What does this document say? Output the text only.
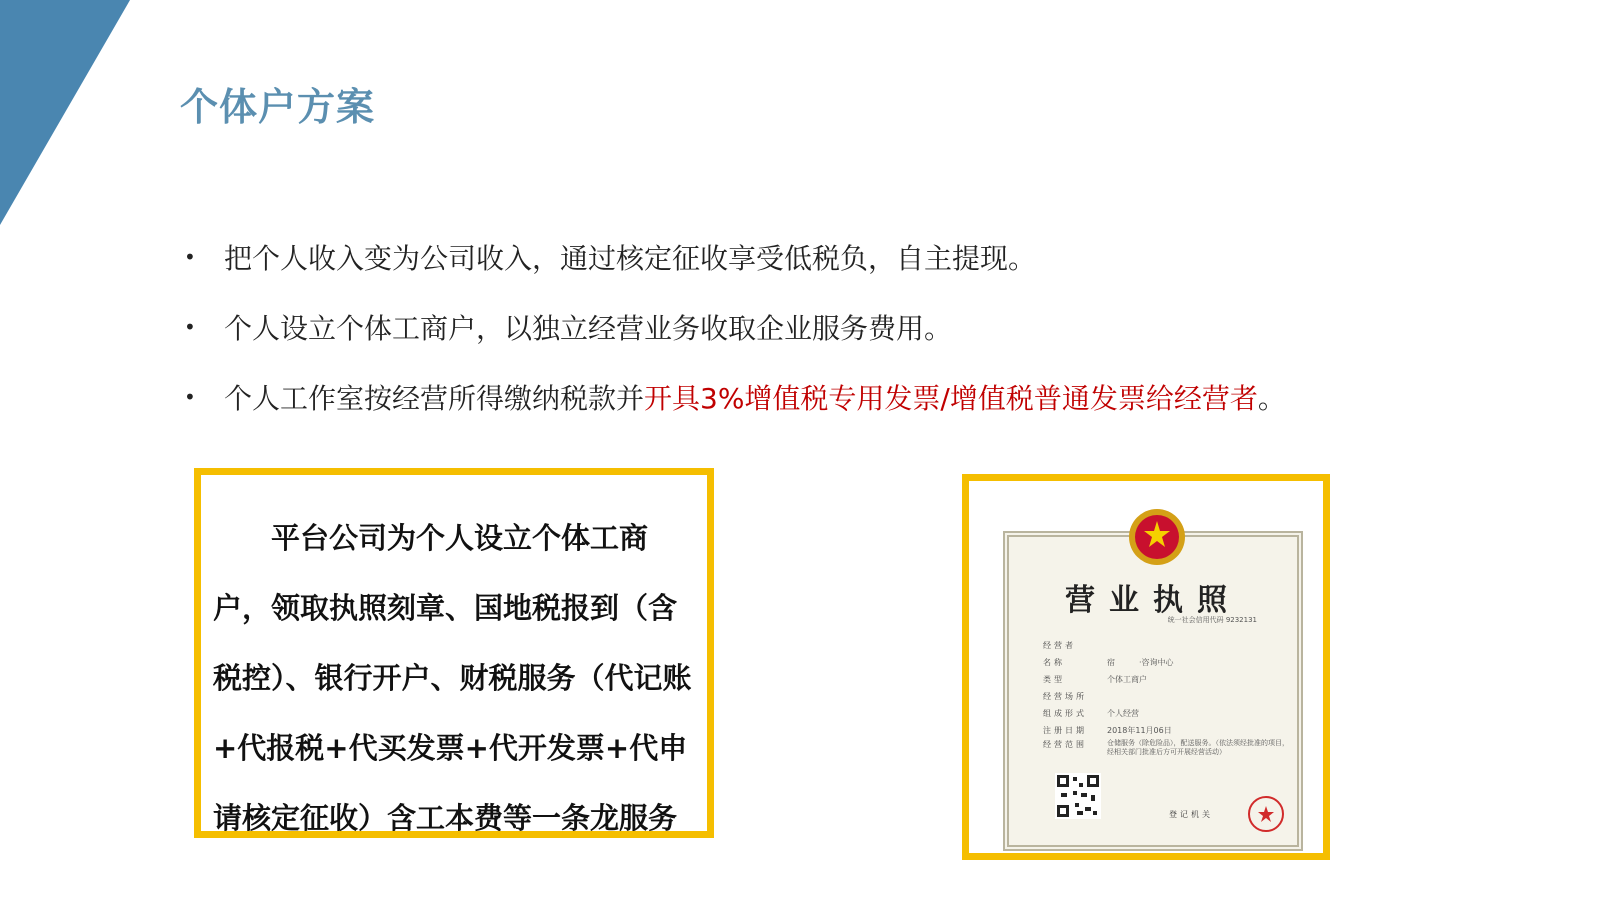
个体户方案
•	把个人收入变为公司收入，通过核定征收享受低税负，自主提现。
•	个人设立个体工商户，以独立经营业务收取企业服务费用。
•	个人工作室按经营所得缴纳税款并开具3%增值税专用发票/增值税普通发票给经营者。

平台公司为个人设立个体工商户，领取执照刻章、国地税报到（含税控）、银行开户、财税服务（代记账+代报税+代买发票+代开发票+代申请核定征收）含工本费等一条龙服务

营业执照
统一社会信用代码 9232131
经营者
名称	宿　　　·咨询中心
类型	个体工商户
经营场所
组成形式	个人经营
注册日期	2018年11月06日
经营范围	仓储服务（除危险品），配送服务。（依法须经批准的项目，经相关部门批准后方可开展经营活动）
登记机关
